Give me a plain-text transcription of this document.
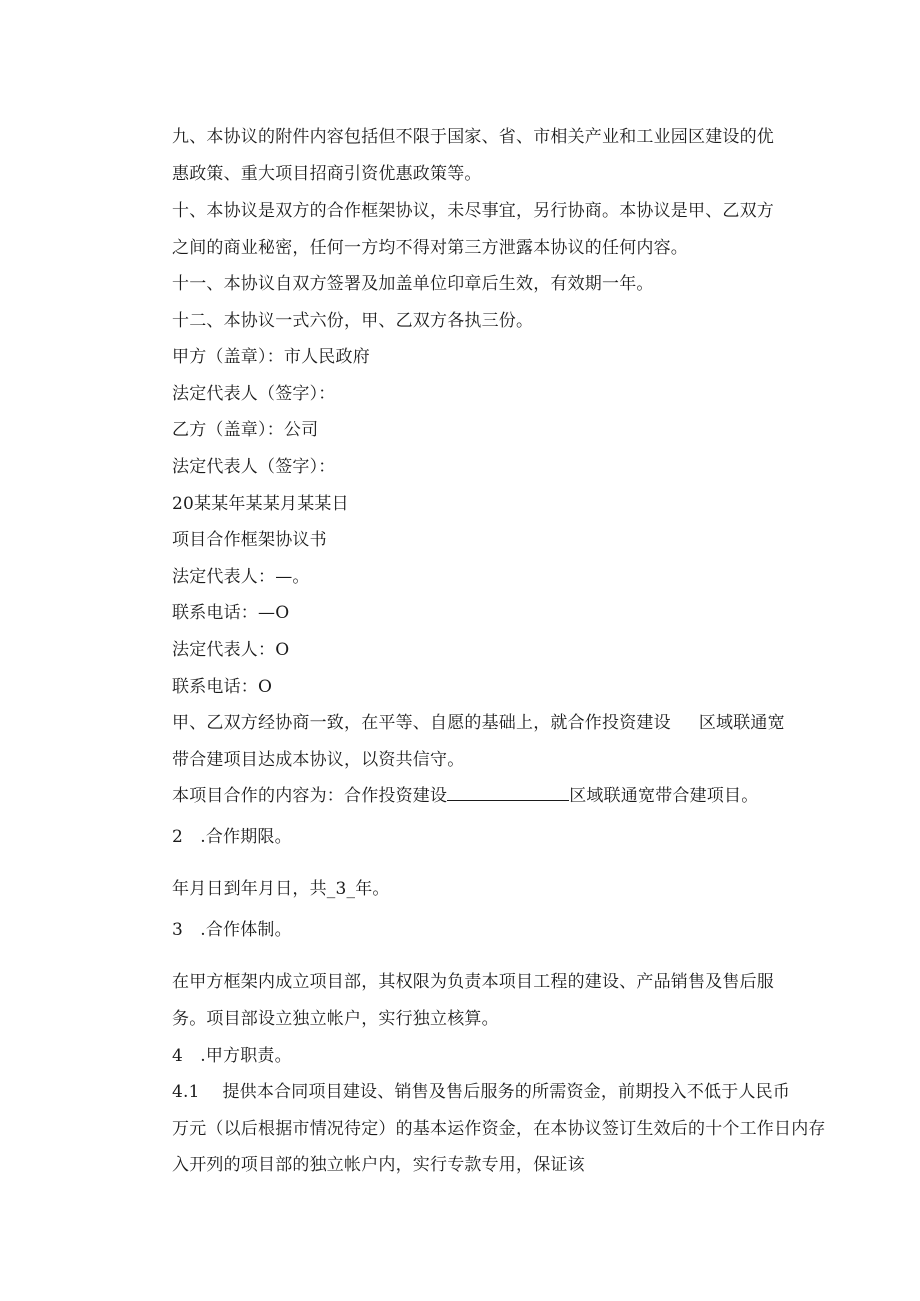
九、本协议的附件内容包括但不限于国家、省、市相关产业和工业园区建设的优
惠政策、重大项目招商引资优惠政策等。
十、本协议是双方的合作框架协议，未尽事宜，另行协商。本协议是甲、乙双方
之间的商业秘密，任何一方均不得对第三方泄露本协议的任何内容。
十一、本协议自双方签署及加盖单位印章后生效，有效期一年。
十二、本协议一式六份，甲、乙双方各执三份。
甲方（盖章）：市人民政府
法定代表人（签字）：
乙方（盖章）：公司
法定代表人（签字）：
20某某年某某月某某日
项目合作框架协议书
法定代表人：—。
联系电话：—O
法定代表人：O
联系电话：O
甲、乙双方经协商一致，在平等、自愿的基础上，就合作投资建设 区域联通宽
带合建项目达成本协议，以资共信守。
本项目合作的内容为：合作投资建设	区域联通宽带合建项目。
2　.合作期限。
年月日到年月日，共_3_年。
3　.合作体制。
在甲方框架内成立项目部，其权限为负责本项目工程的建设、产品销售及售后服
务。项目部设立独立帐户，实行独立核算。
4　.甲方职责。
4.1　 提供本合同项目建设、销售及售后服务的所需资金，前期投入不低于人民币
万元（以后根据市情况待定）的基本运作资金，在本协议签订生效后的十个工作日内存
入开列的项目部的独立帐户内，实行专款专用，保证该
